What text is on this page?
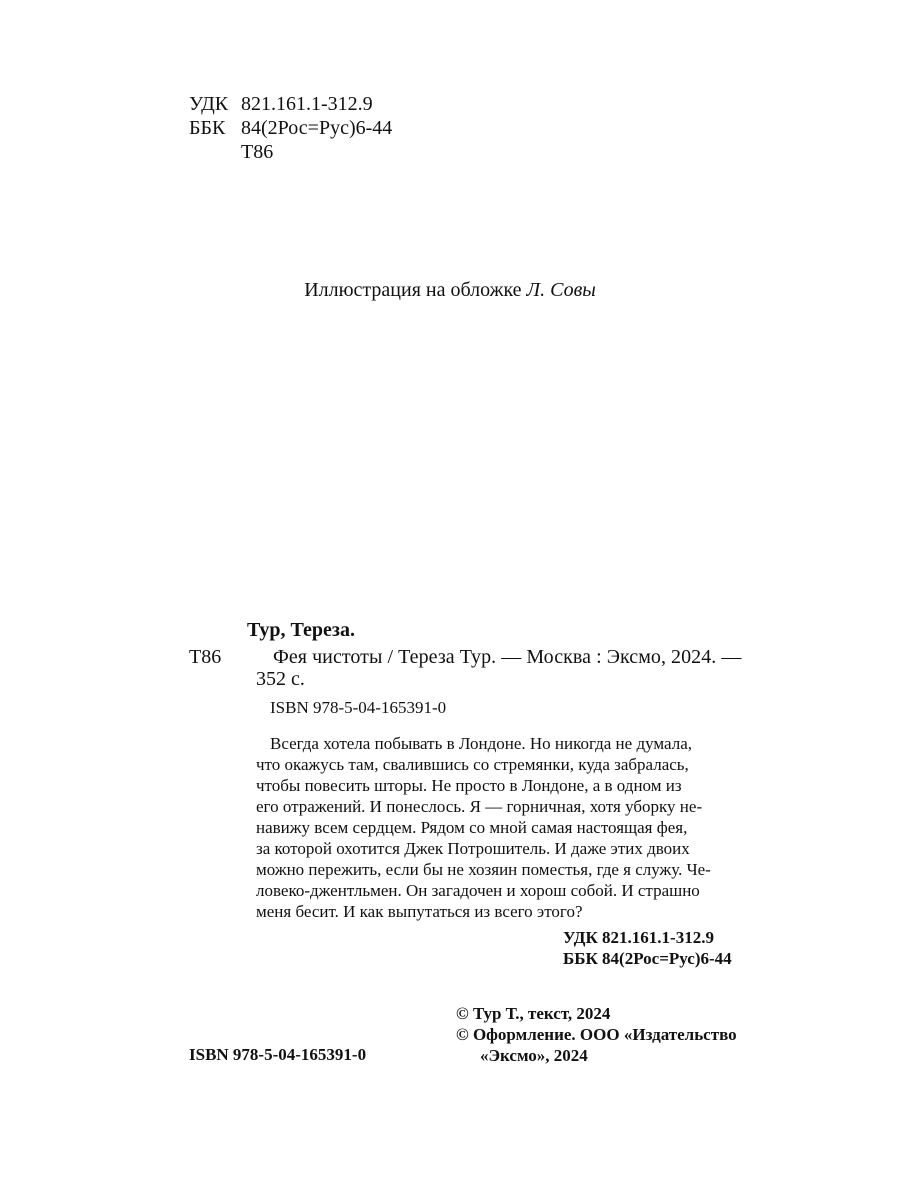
УДК 821.161.1-312.9
ББК 84(2Рос=Рус)6-44
Т86
Иллюстрация на обложке Л. Совы
Тур, Тереза.
Т86	Фея чистоты / Тереза Тур. — Москва : Эксмо, 2024. —
352 с.
ISBN 978-5-04-165391-0
Всегда хотела побывать в Лондоне. Но никогда не думала,
что окажусь там, свалившись со стремянки, куда забралась,
чтобы повесить шторы. Не просто в Лондоне, а в одном из
его отражений. И понеслось. Я — горничная, хотя уборку не-
навижу всем сердцем. Рядом со мной самая настоящая фея,
за которой охотится Джек Потрошитель. И даже этих двоих
можно пережить, если бы не хозяин поместья, где я служу. Че-
ловеко-джентльмен. Он загадочен и хорош собой. И страшно
меня бесит. И как выпутаться из всего этого?
УДК 821.161.1-312.9
ББК 84(2Рос=Рус)6-44
© Тур Т., текст, 2024
© Оформление. ООО «Издательство
«Эксмо», 2024
ISBN 978-5-04-165391-0
